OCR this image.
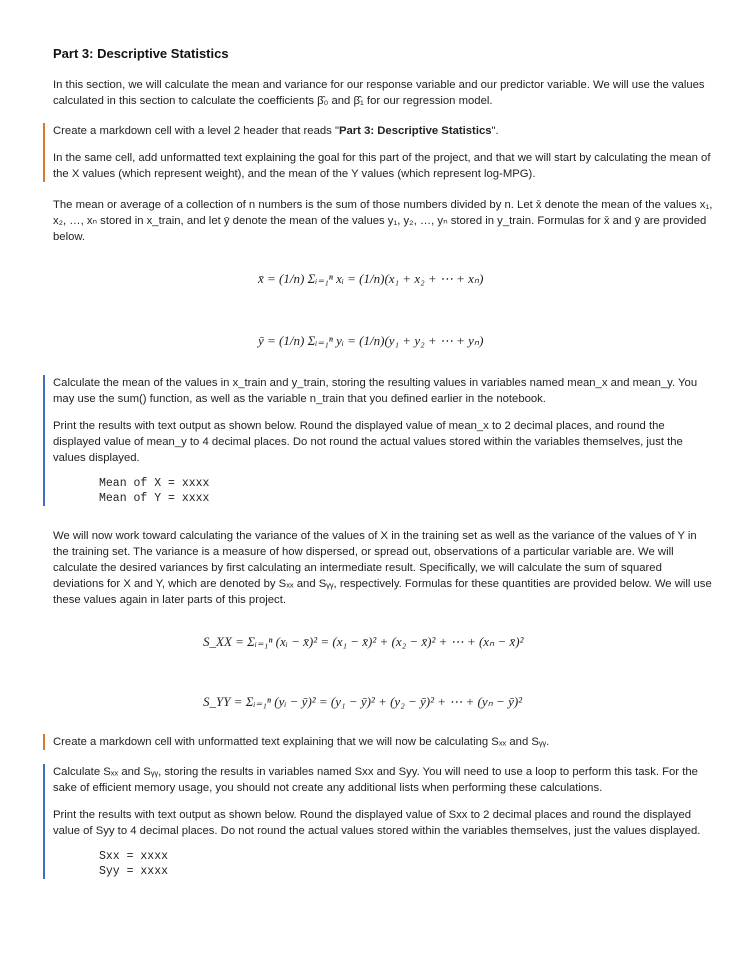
Part 3: Descriptive Statistics

In this section, we will calculate the mean and variance for our response variable and our predictor variable. We will use the values calculated in this section to calculate the coefficients β̂₀ and β̂₁ for our regression model.

Create a markdown cell with a level 2 header that reads "Part 3: Descriptive Statistics".

In the same cell, add unformatted text explaining the goal for this part of the project, and that we will start by calculating the mean of the X values (which represent weight), and the mean of the Y values (which represent log-MPG).

The mean or average of a collection of n numbers is the sum of those numbers divided by n. Let x̄ denote the mean of the values x₁, x₂, …, xₙ stored in x_train, and let ȳ denote the mean of the values y₁, y₂, …, yₙ stored in y_train. Formulas for x̄ and ȳ are provided below.

x̄ = (1/n) Σᵢ₌₁ⁿ xᵢ = (1/n)(x₁ + x₂ + ⋯ + xₙ)
ȳ = (1/n) Σᵢ₌₁ⁿ yᵢ = (1/n)(y₁ + y₂ + ⋯ + yₙ)

Calculate the mean of the values in x_train and y_train, storing the resulting values in variables named mean_x and mean_y. You may use the sum() function, as well as the variable n_train that you defined earlier in the notebook.

Print the results with text output as shown below. Round the displayed value of mean_x to 2 decimal places, and round the displayed value of mean_y to 4 decimal places. Do not round the actual values stored within the variables themselves, just the values displayed.

Mean of X = xxxx
Mean of Y = xxxx

We will now work toward calculating the variance of the values of X in the training set as well as the variance of the values of Y in the training set. The variance is a measure of how dispersed, or spread out, observations of a particular variable are. We will calculate the desired variances by first calculating an intermediate result. Specifically, we will calculate the sum of squared deviations for X and Y, which are denoted by Sₓₓ and Sᵧᵧ, respectively. Formulas for these quantities are provided below. We will use these values again in later parts of this project.

S_XX = Σᵢ₌₁ⁿ (xᵢ − x̄)² = (x₁ − x̄)² + (x₂ − x̄)² + ⋯ + (xₙ − x̄)²
S_YY = Σᵢ₌₁ⁿ (yᵢ − ȳ)² = (y₁ − ȳ)² + (y₂ − ȳ)² + ⋯ + (yₙ − ȳ)²

Create a markdown cell with unformatted text explaining that we will now be calculating Sₓₓ and Sᵧᵧ.

Calculate Sₓₓ and Sᵧᵧ, storing the results in variables named Sxx and Syy. You will need to use a loop to perform this task. For the sake of efficient memory usage, you should not create any additional lists when performing these calculations.

Print the results with text output as shown below. Round the displayed value of Sxx to 2 decimal places and round the displayed value of Syy to 4 decimal places. Do not round the actual values stored within the variables themselves, just the values displayed.

Sxx = xxxx
Syy = xxxx
